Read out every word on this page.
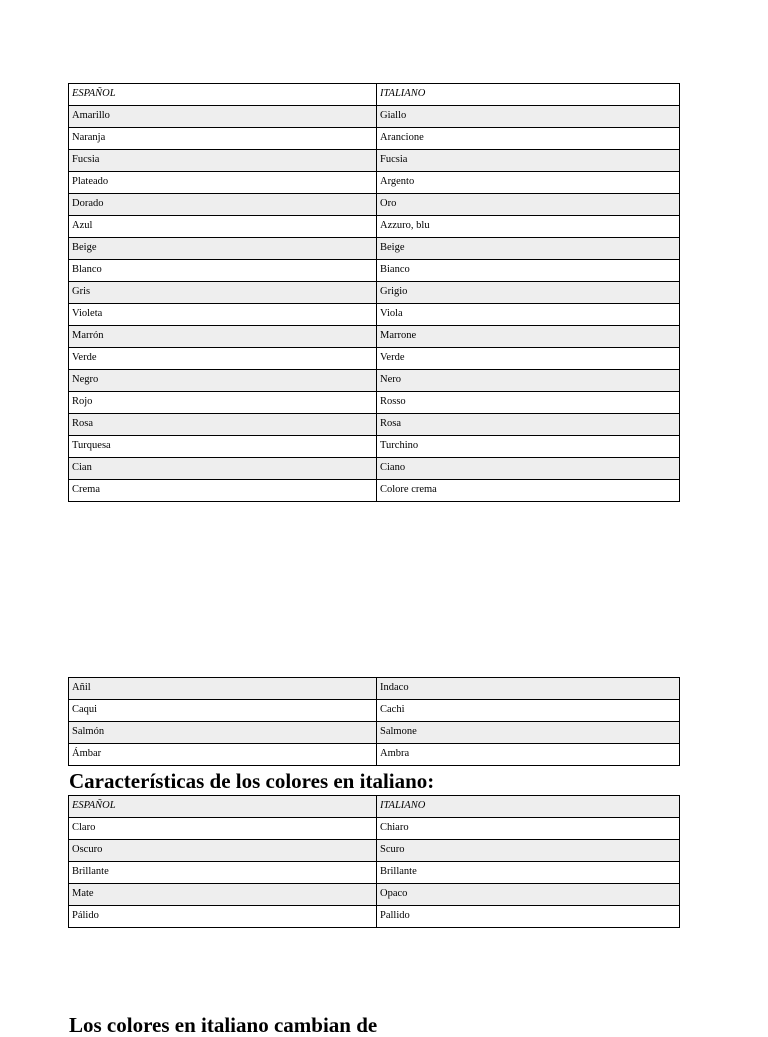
ESPAÑOL	ITALIANO
Amarillo	Giallo
Naranja	Arancione
Fucsia	Fucsia
Plateado	Argento
Dorado	Oro
Azul	Azzuro, blu
Beige	Beige
Blanco	Bianco
Gris	Grigio
Violeta	Viola
Marrón	Marrone
Verde	Verde
Negro	Nero
Rojo	Rosso
Rosa	Rosa
Turquesa	Turchino
Cian	Ciano
Crema	Colore crema
Añil	Indaco
Caqui	Cachi
Salmón	Salmone
Ámbar	Ambra
Características de los colores en italiano:
ESPAÑOL	ITALIANO
Claro	Chiaro
Oscuro	Scuro
Brillante	Brillante
Mate	Opaco
Pálido	Pallido
Los colores en italiano cambian de
